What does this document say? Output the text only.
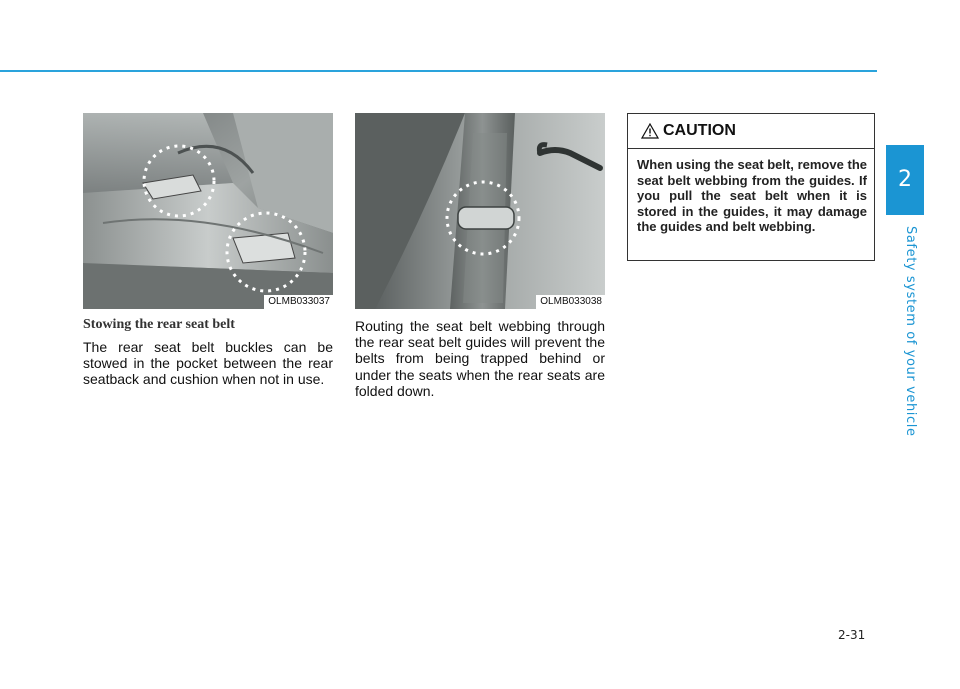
2
Safety system of your vehicle
OLMB033037	OLMB033038
Stowing the rear seat belt
The rear seat belt buckles can be stowed in the pocket between the rear seatback and cushion when not in use.
Routing the seat belt webbing through the rear seat belt guides will prevent the belts from being trapped behind or under the seats when the rear seats are folded down.
CAUTION
When using the seat belt, remove the seat belt webbing from the guides. If you pull the seat belt when it is stored in the guides, it may damage the guides and belt webbing.
2-31
